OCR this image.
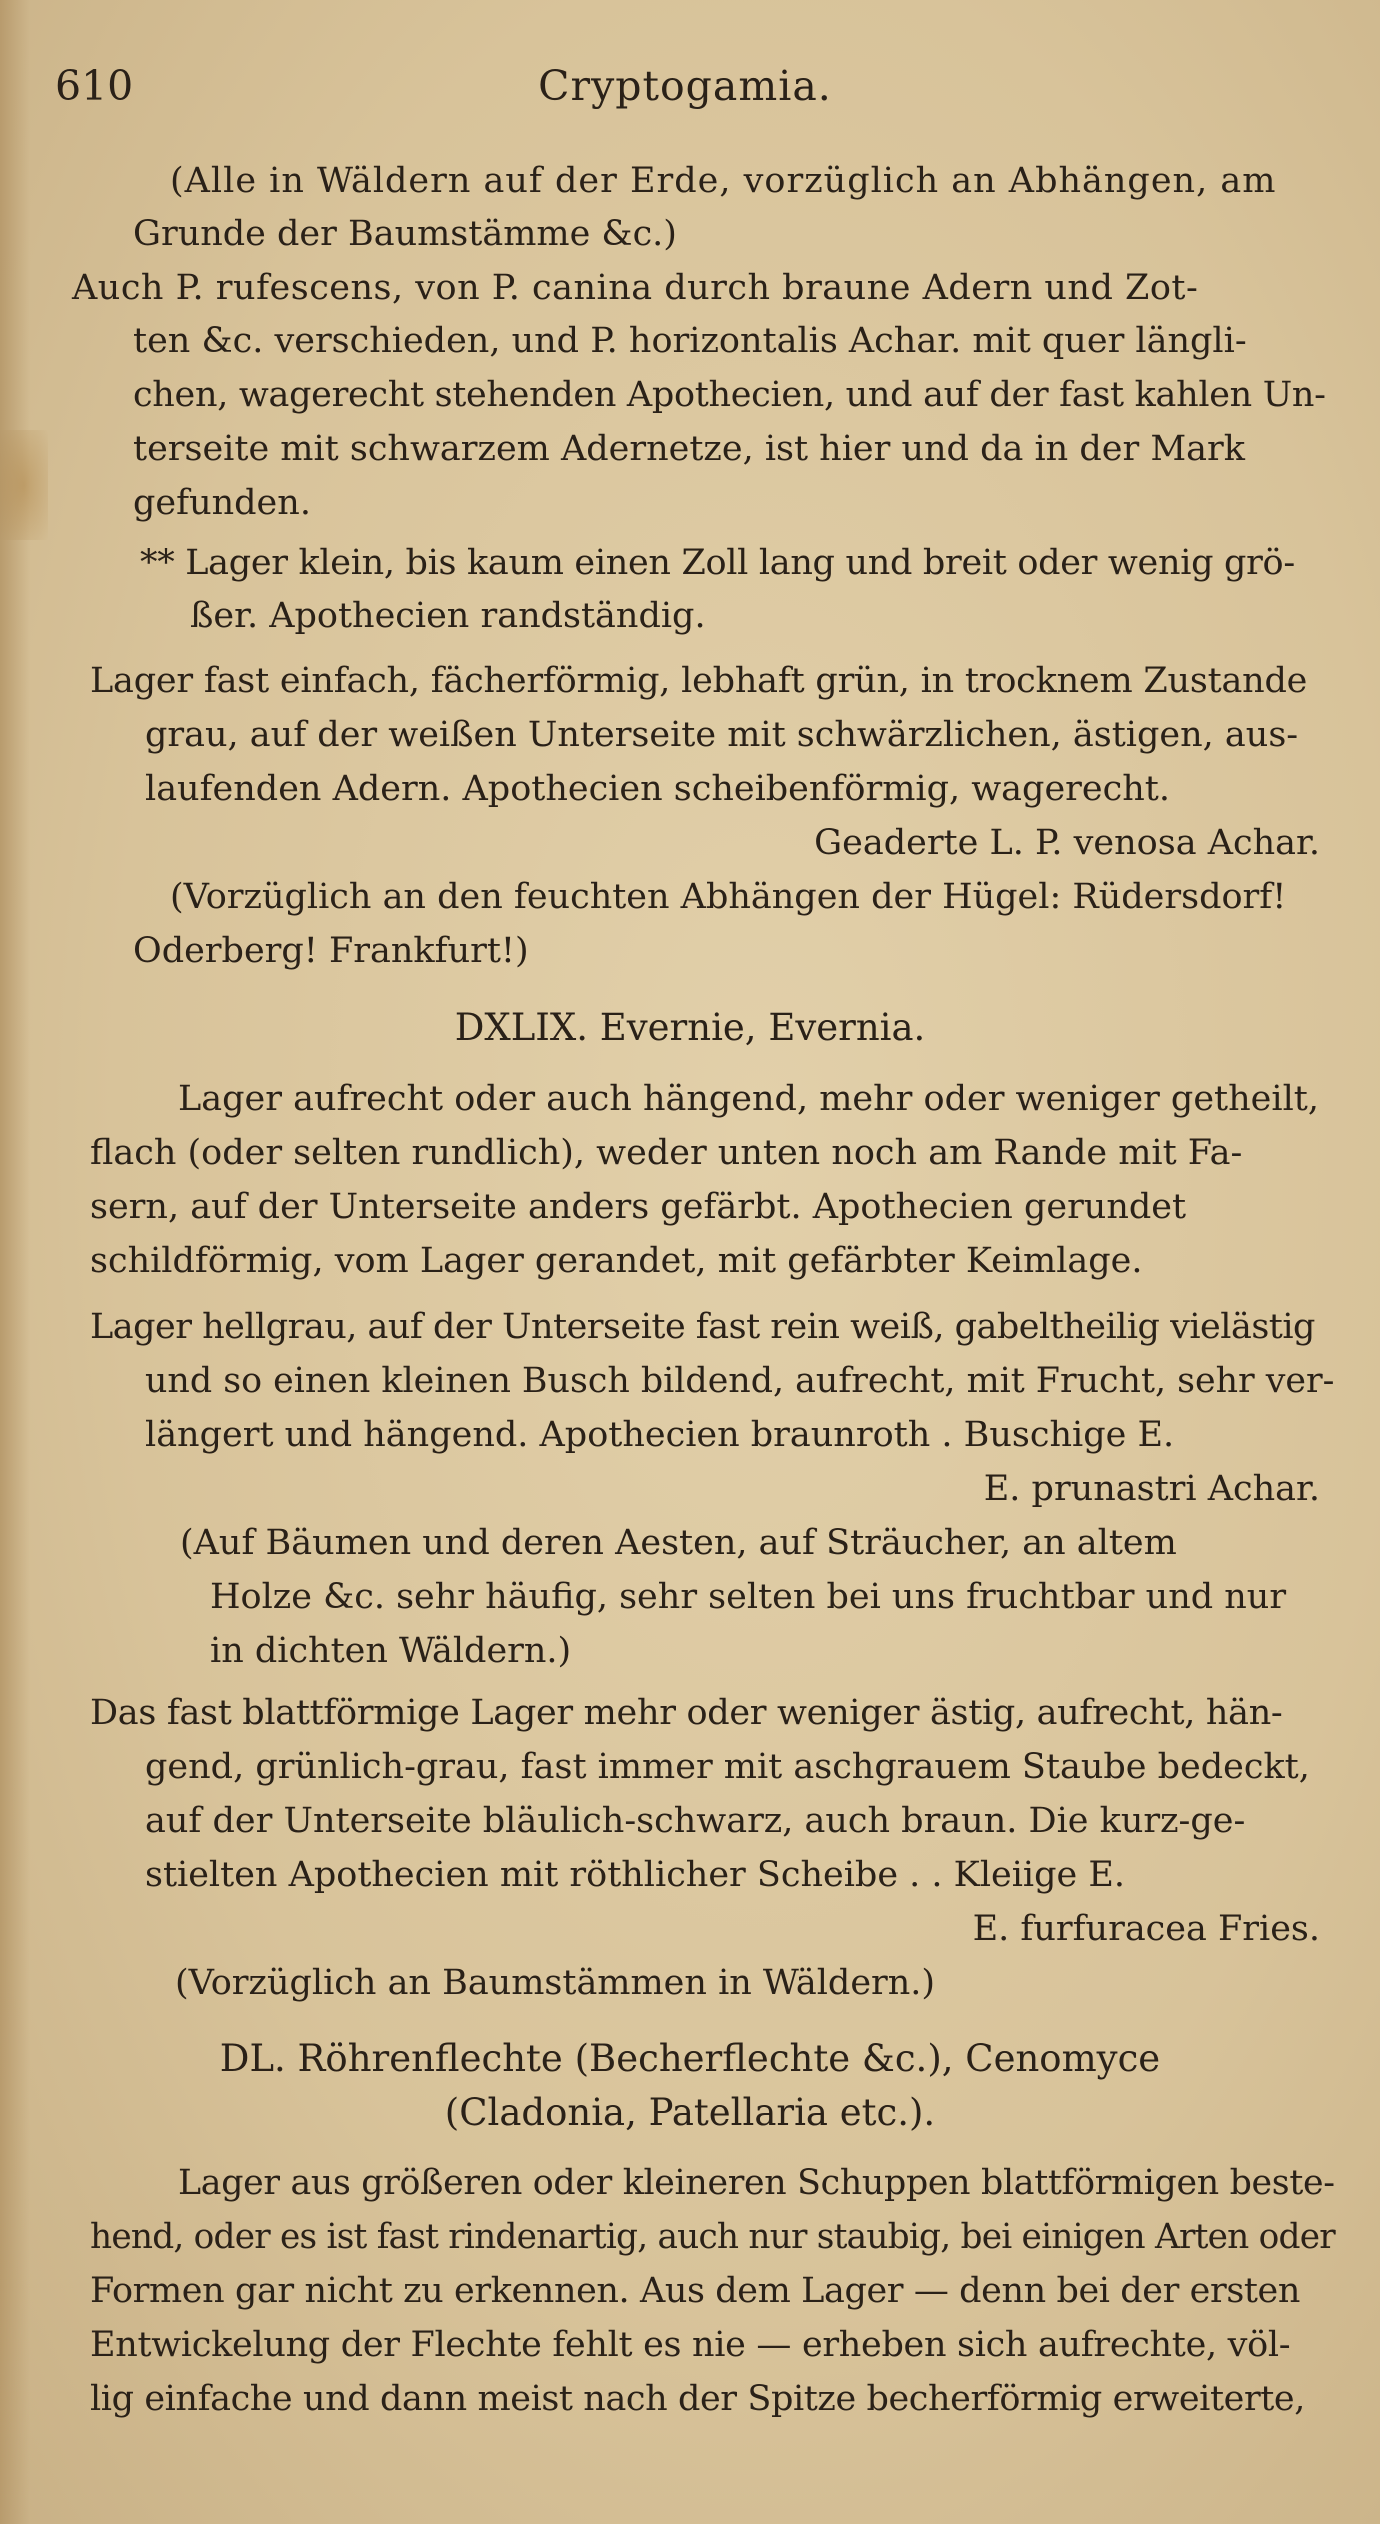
Cryptogamia.
610
(Alle in Wäldern auf der Erde, vorzüglich an Abhängen, am
Grunde der Baumstämme &c.)
Auch P. rufescens, von P. canina durch braune Adern und Zot-
ten &c. verschieden, und P. horizontalis Achar. mit quer längli-
chen, wagerecht stehenden Apothecien, und auf der fast kahlen Un-
terseite mit schwarzem Adernetze, ist hier und da in der Mark
gefunden.
** Lager klein, bis kaum einen Zoll lang und breit oder wenig grö-
ßer. Apothecien randständig.
Lager fast einfach, fächerförmig, lebhaft grün, in trocknem Zustande
grau, auf der weißen Unterseite mit schwärzlichen, ästigen, aus-
laufenden Adern. Apothecien scheibenförmig, wagerecht.
Geaderte L. P. venosa Achar.
(Vorzüglich an den feuchten Abhängen der Hügel: Rüdersdorf!
Oderberg! Frankfurt!)
DXLIX. Evernie, Evernia.
Lager aufrecht oder auch hängend, mehr oder weniger getheilt,
flach (oder selten rundlich), weder unten noch am Rande mit Fa-
sern, auf der Unterseite anders gefärbt. Apothecien gerundet
schildförmig, vom Lager gerandet, mit gefärbter Keimlage.
Lager hellgrau, auf der Unterseite fast rein weiß, gabeltheilig vielästig
und so einen kleinen Busch bildend, aufrecht, mit Frucht, sehr ver-
längert und hängend. Apothecien braunroth . Buschige E.
E. prunastri Achar.
(Auf Bäumen und deren Aesten, auf Sträucher, an altem
Holze &c. sehr häufig, sehr selten bei uns fruchtbar und nur
in dichten Wäldern.)
Das fast blattförmige Lager mehr oder weniger ästig, aufrecht, hän-
gend, grünlich-grau, fast immer mit aschgrauem Staube bedeckt,
auf der Unterseite bläulich-schwarz, auch braun. Die kurz-ge-
stielten Apothecien mit röthlicher Scheibe . . Kleiige E.
E. furfuracea Fries.
(Vorzüglich an Baumstämmen in Wäldern.)
DL. Röhrenflechte (Becherflechte &c.), Cenomyce
(Cladonia, Patellaria etc.).
Lager aus größeren oder kleineren Schuppen blattförmigen beste-
hend, oder es ist fast rindenartig, auch nur staubig, bei einigen Arten oder
Formen gar nicht zu erkennen. Aus dem Lager — denn bei der ersten
Entwickelung der Flechte fehlt es nie — erheben sich aufrechte, völ-
lig einfache und dann meist nach der Spitze becherförmig erweiterte,
